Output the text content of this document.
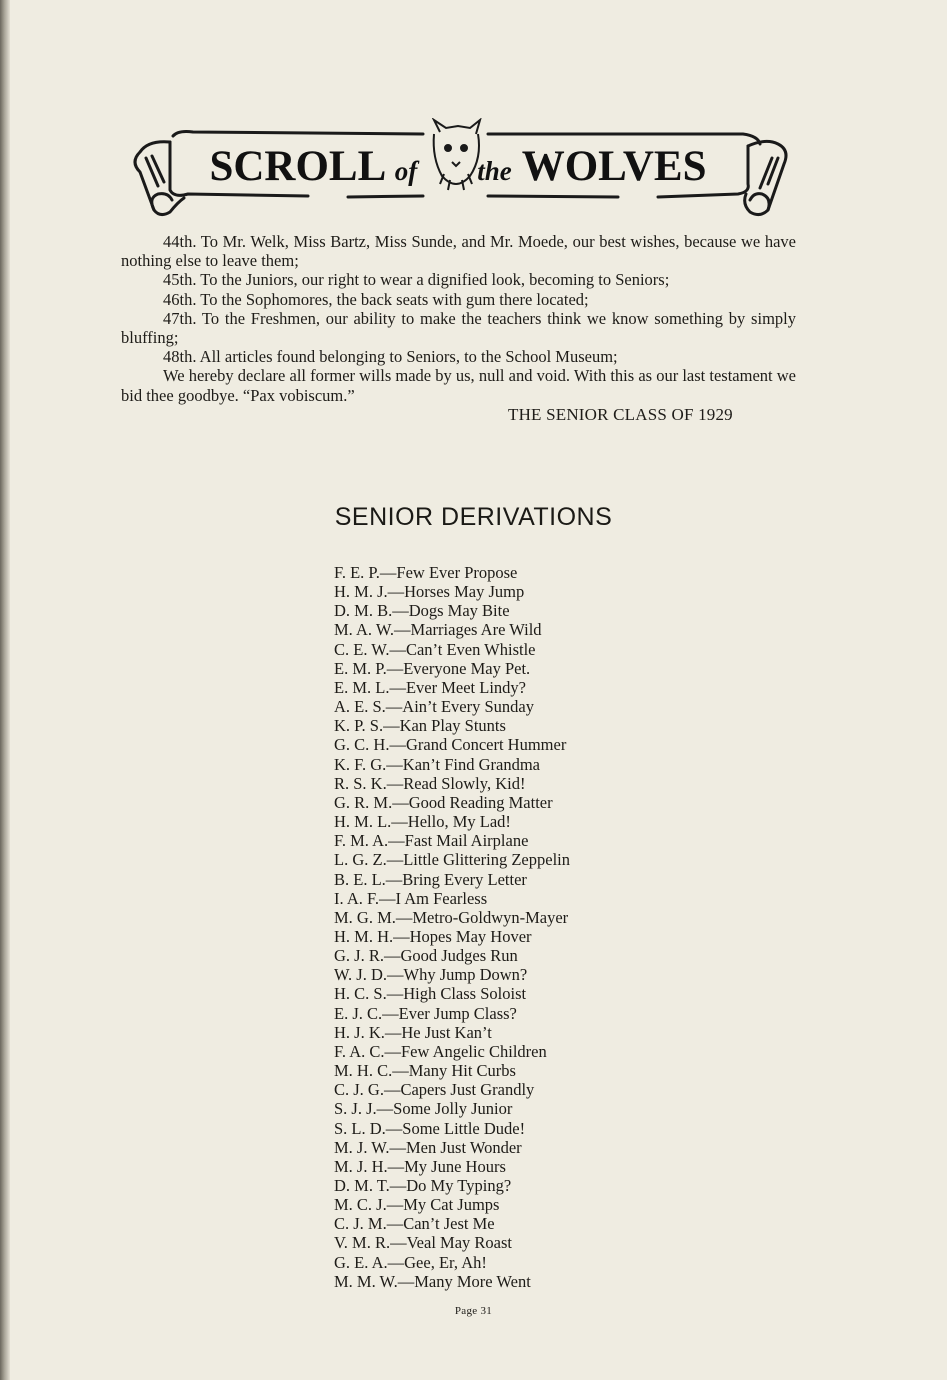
SCROLL of the WOLVES

44th. To Mr. Welk, Miss Bartz, Miss Sunde, and Mr. Moede, our best wishes, because we have nothing else to leave them;

45th. To the Juniors, our right to wear a dignified look, becoming to Seniors;

46th. To the Sophomores, the back seats with gum there located;

47th. To the Freshmen, our ability to make the teachers think we know something by simply bluffing;

48th. All articles found belonging to Seniors, to the School Museum;

We hereby declare all former wills made by us, null and void. With this as our last testament we bid thee goodbye. “Pax vobiscum.”

THE SENIOR CLASS OF 1929
SENIOR DERIVATIONS
F. E. P.—Few Ever Propose
H. M. J.—Horses May Jump
D. M. B.—Dogs May Bite
M. A. W.—Marriages Are Wild
C. E. W.—Can’t Even Whistle
E. M. P.—Everyone May Pet.
E. M. L.—Ever Meet Lindy?
A. E. S.—Ain’t Every Sunday
K. P. S.—Kan Play Stunts
G. C. H.—Grand Concert Hummer
K. F. G.—Kan’t Find Grandma
R. S. K.—Read Slowly, Kid!
G. R. M.—Good Reading Matter
H. M. L.—Hello, My Lad!
F. M. A.—Fast Mail Airplane
L. G. Z.—Little Glittering Zeppelin
B. E. L.—Bring Every Letter
I. A. F.—I Am Fearless
M. G. M.—Metro-Goldwyn-Mayer
H. M. H.—Hopes May Hover
G. J. R.—Good Judges Run
W. J. D.—Why Jump Down?
H. C. S.—High Class Soloist
E. J. C.—Ever Jump Class?
H. J. K.—He Just Kan’t
F. A. C.—Few Angelic Children
M. H. C.—Many Hit Curbs
C. J. G.—Capers Just Grandly
S. J. J.—Some Jolly Junior
S. L. D.—Some Little Dude!
M. J. W.—Men Just Wonder
M. J. H.—My June Hours
D. M. T.—Do My Typing?
M. C. J.—My Cat Jumps
C. J. M.—Can’t Jest Me
V. M. R.—Veal May Roast
G. E. A.—Gee, Er, Ah!
M. M. W.—Many More Went
Page 31
